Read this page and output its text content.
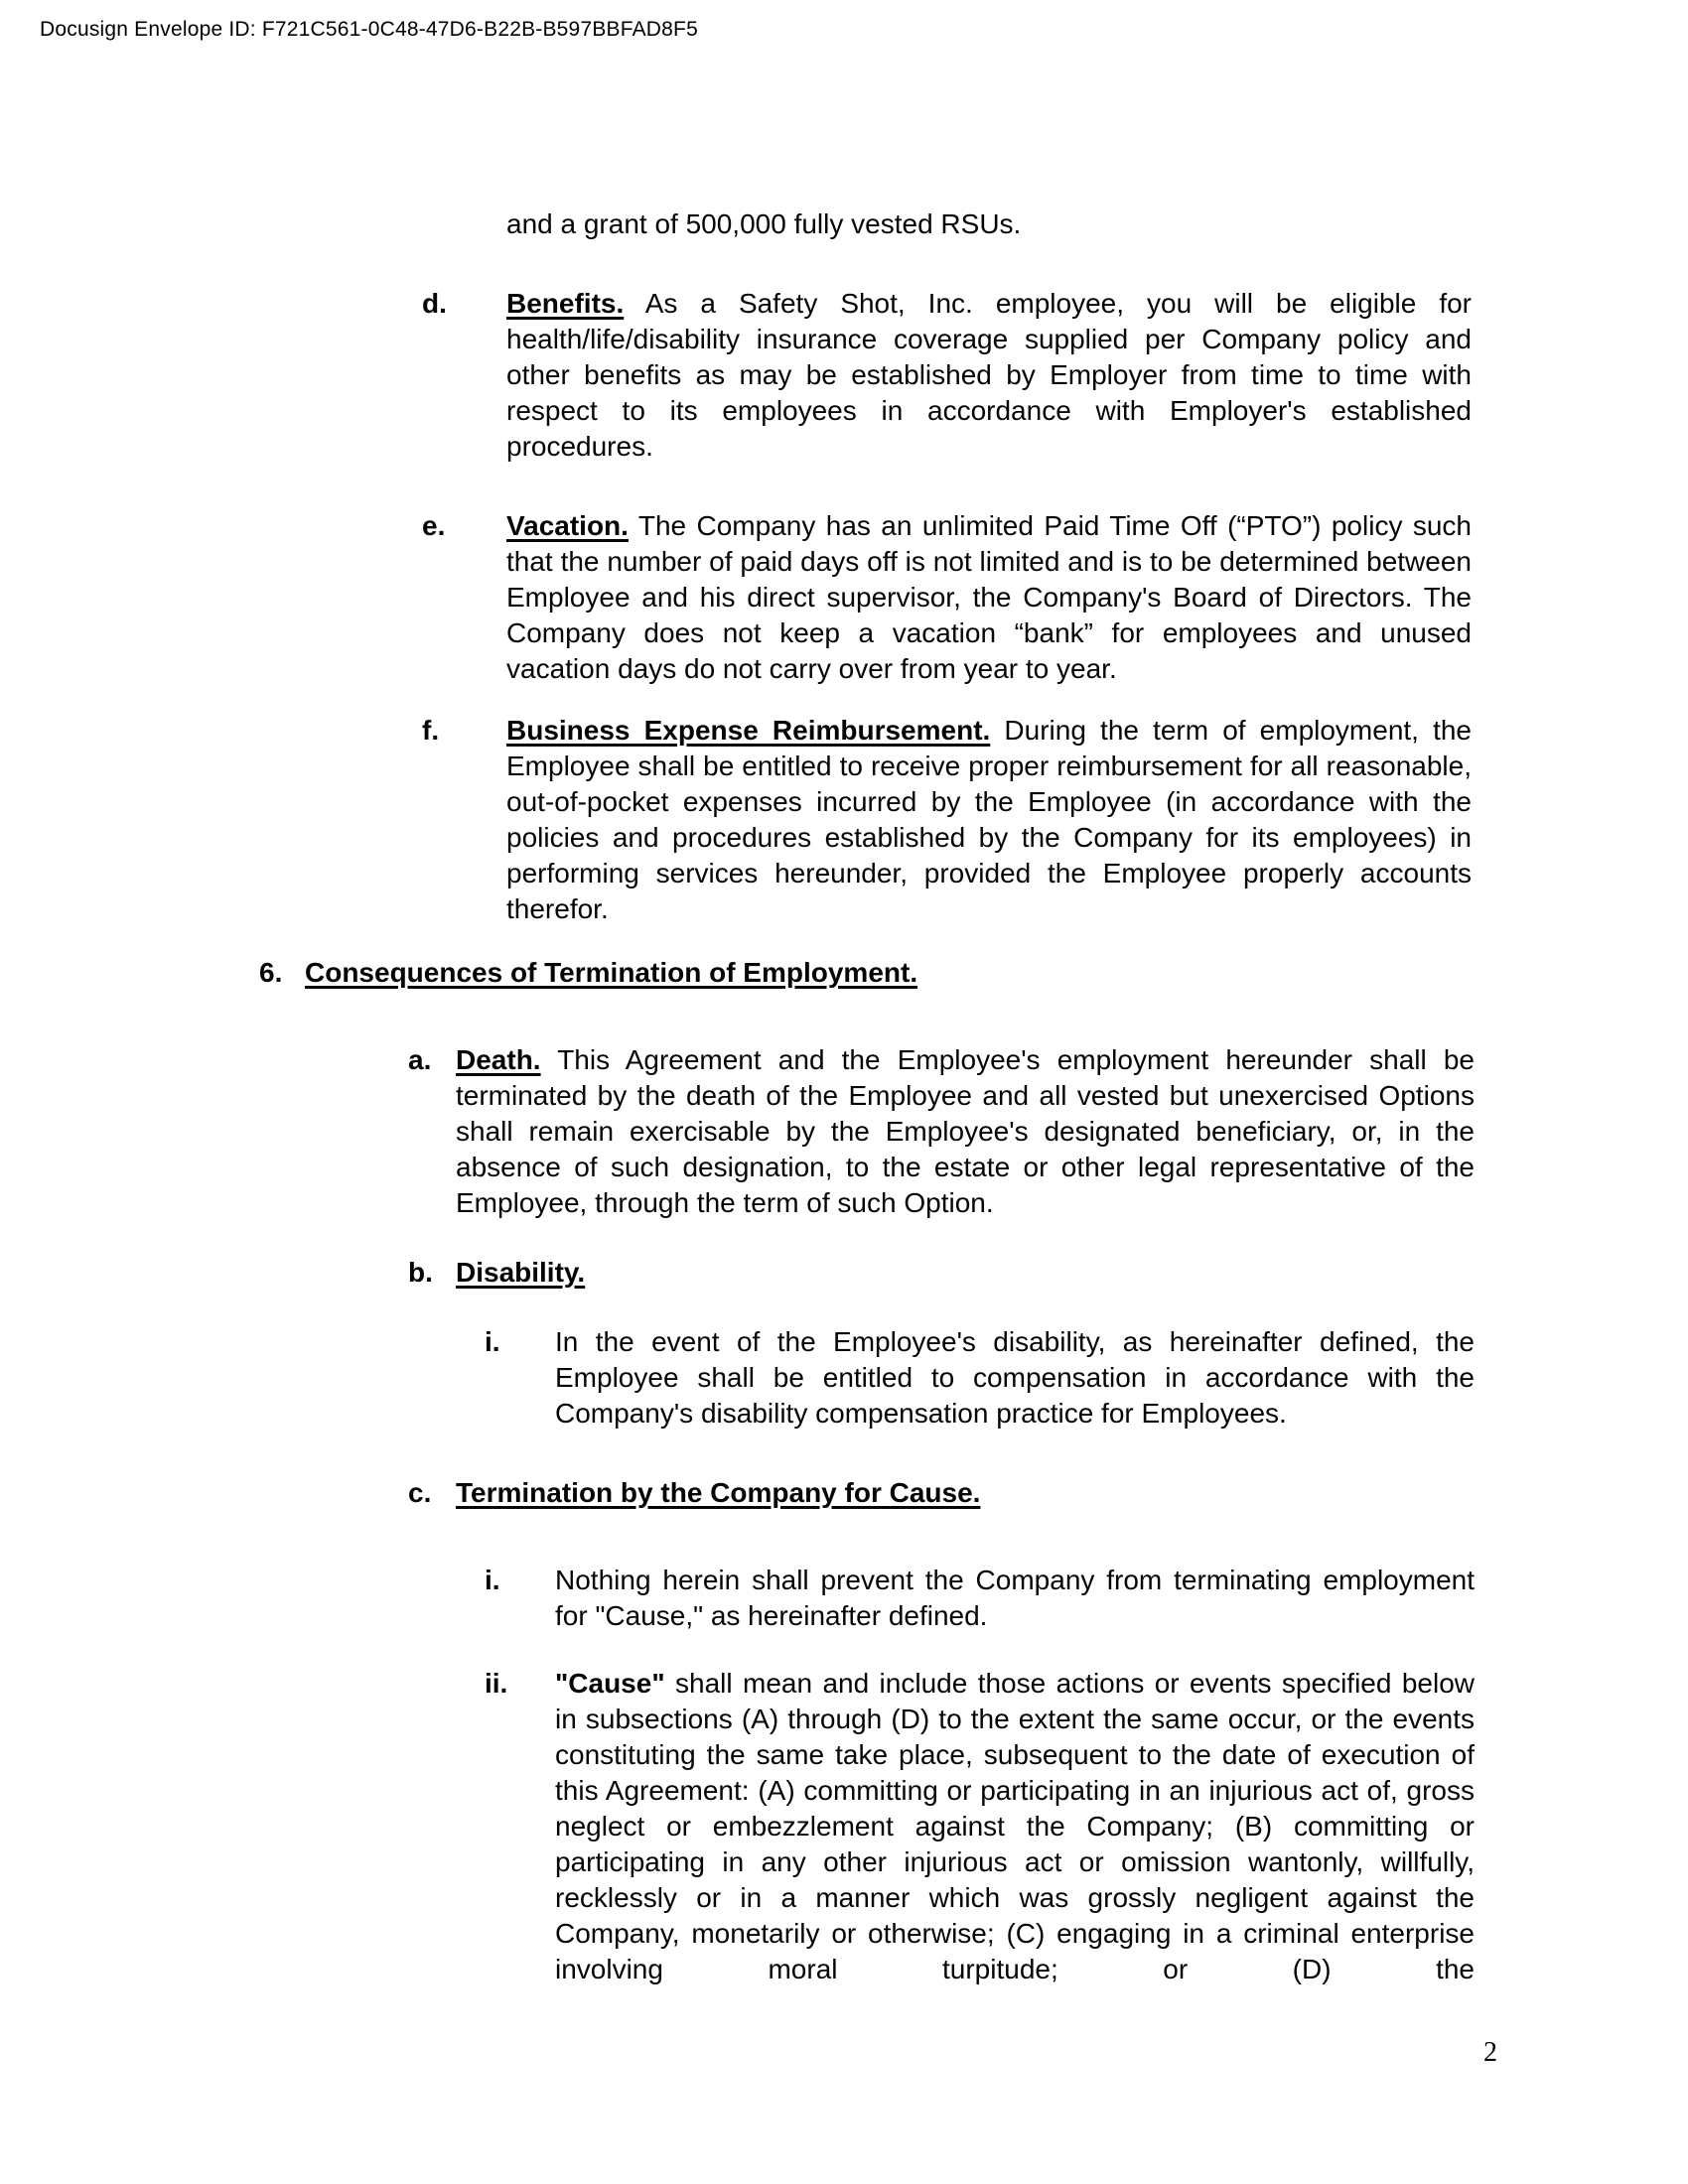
Docusign Envelope ID: F721C561-0C48-47D6-B22B-B597BBFAD8F5
and a grant of 500,000 fully vested RSUs.
d. Benefits. As a Safety Shot, Inc. employee, you will be eligible for health/life/disability insurance coverage supplied per Company policy and other benefits as may be established by Employer from time to time with respect to its employees in accordance with Employer's established procedures.
e. Vacation. The Company has an unlimited Paid Time Off (“PTO”) policy such that the number of paid days off is not limited and is to be determined between Employee and his direct supervisor, the Company's Board of Directors. The Company does not keep a vacation “bank” for employees and unused vacation days do not carry over from year to year.
f. Business Expense Reimbursement. During the term of employment, the Employee shall be entitled to receive proper reimbursement for all reasonable, out-of-pocket expenses incurred by the Employee (in accordance with the policies and procedures established by the Company for its employees) in performing services hereunder, provided the Employee properly accounts therefor.
6. Consequences of Termination of Employment.
a. Death. This Agreement and the Employee's employment hereunder shall be terminated by the death of the Employee and all vested but unexercised Options shall remain exercisable by the Employee's designated beneficiary, or, in the absence of such designation, to the estate or other legal representative of the Employee, through the term of such Option.
b. Disability.
i. In the event of the Employee's disability, as hereinafter defined, the Employee shall be entitled to compensation in accordance with the Company's disability compensation practice for Employees.
c. Termination by the Company for Cause.
i. Nothing herein shall prevent the Company from terminating employment for "Cause," as hereinafter defined.
ii. "Cause" shall mean and include those actions or events specified below in subsections (A) through (D) to the extent the same occur, or the events constituting the same take place, subsequent to the date of execution of this Agreement: (A) committing or participating in an injurious act of, gross neglect or embezzlement against the Company; (B) committing or participating in any other injurious act or omission wantonly, willfully, recklessly or in a manner which was grossly negligent against the Company, monetarily or otherwise; (C) engaging in a criminal enterprise involving moral turpitude; or (D) the
2
